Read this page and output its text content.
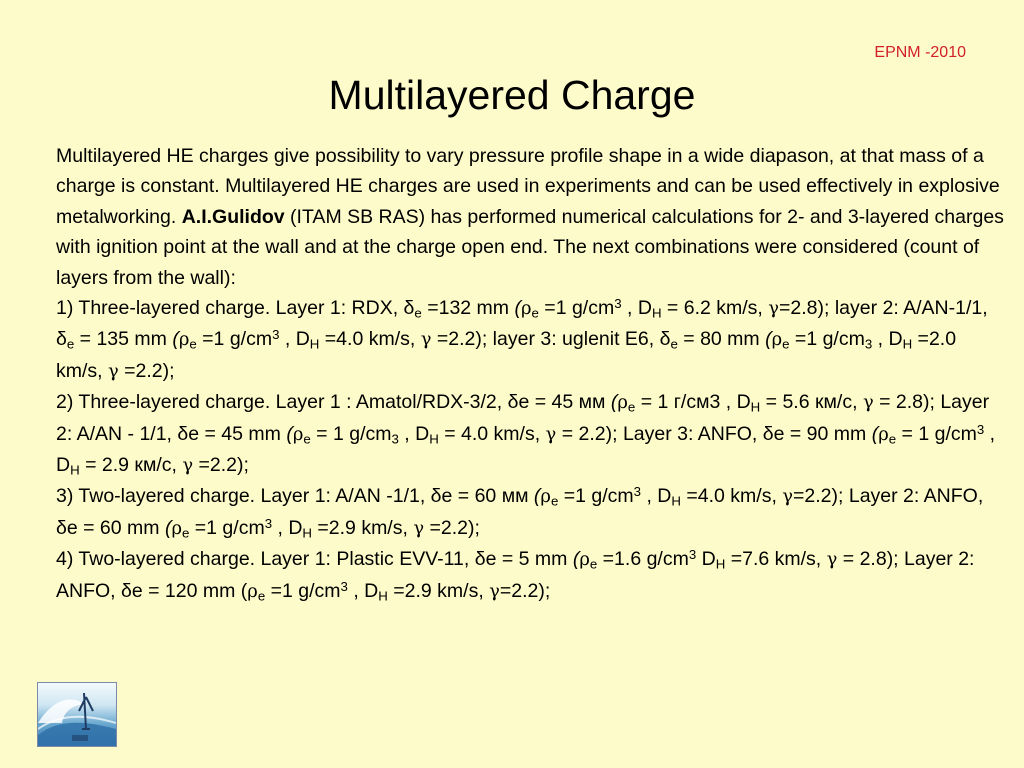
EPNM -2010
Multilayered Charge

Multilayered HE charges give possibility to vary pressure profile shape in a wide diapason, at that mass of a charge is constant. Multilayered HE charges are used in experiments and can be used effectively in explosive metalworking. A.I.Gulidov (ITAM SB RAS) has performed numerical calculations for 2- and 3-layered charges with ignition point at the wall and at the charge open end. The next combinations were considered (count of layers from the wall):

1) Three-layered charge. Layer 1: RDX, $\delta_e =132$ mm ($\rho_e =1$ $g/cm^3$ , $D_H = 6.2$ km/s, γ=2.8); layer 2: A/AN-1/1, $\delta_e = 135$ mm ($\rho_e =1$ $g/cm^3$ , $D_H =4.0$ km/s, γ =2.2); layer 3: uglenit E6, $\delta_e = 80$ mm ($\rho_e =1$ $g/cm_3$ , $D_H =2.0$ km/s, γ =2.2);

2) Three-layered charge. Layer 1 : Amatol/RDX-3/2, δе = 45 мм ($\rho_e = 1$ г/см3 , $D_H = 5.6$ км/с, γ = 2.8); Layer 2: A/AN - 1/1, δe = 45 mm ($\rho_e = 1$ $g/cm_3$ , $D_H = 4.0$ km/s, γ = 2.2); Layer 3: ANFO, δe = 90 mm ($\rho_e = 1$ $g/cm^3$ , $D_H = 2.9$ км/с, γ =2.2);

3) Two-layered charge. Layer 1: A/AN -1/1, δe = 60 мм ($\rho_e =1$ $g/cm^3$ , $D_H =4.0$ km/s, γ=2.2); Layer 2: ANFO, δe = 60 mm ($\rho_e =1$ $g/cm^3$ , $D_H =2.9$ km/s, γ =2.2);

4) Two-layered charge. Layer 1: Plastic EVV-11, δe = 5 mm ($\rho_e =1.6$ $g/cm^3$ $D_H =7.6$ km/s, γ = 2.8); Layer 2: ANFO, δe = 120 mm ($\rho_e =1$ $g/cm^3$ , $D_H =2.9$ km/s, γ=2.2);
